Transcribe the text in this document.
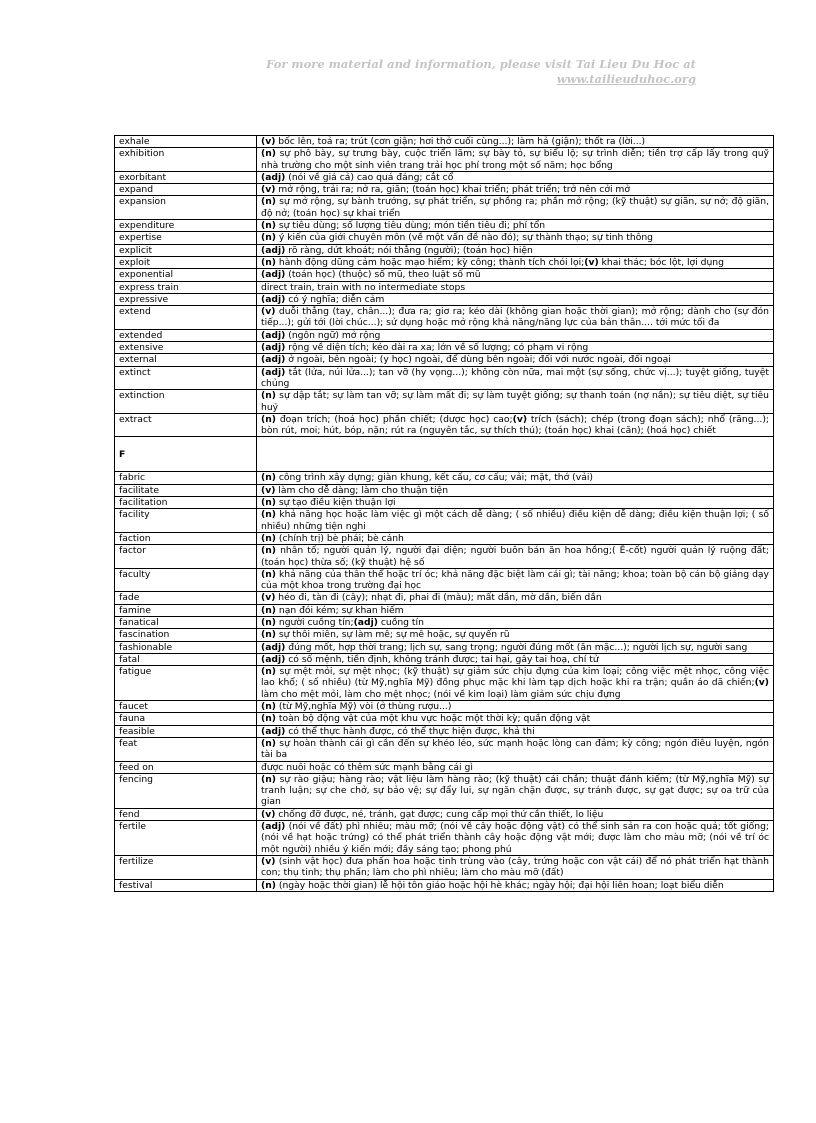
For more material and information, please visit Tai Lieu Du Hoc at

www.tailieuduhoc.org
exhale	(v) bốc lên, toả ra; trút (cơn giận; hơi thở cuối cùng...); làm hả (giận); thốt ra (lời...)
exhibition	(n) sự phô bày, sự trưng bày, cuộc triển lãm; sự bày tỏ, sự biểu lộ; sự trình diễn; tiền trợ cấp lấy trong quỹ nhà trường cho một sinh viên trang trải học phí trong một số năm; học bổng
exorbitant	(adj) (nói về giá cả) cao quá đáng; cắt cổ
expand	(v) mở rộng, trải ra; nở ra, giãn; (toán học) khai triển; phát triển; trở nên cởi mở
expansion	(n) sự mở rộng, sự bành trướng, sự phát triển, sự phồng ra; phần mở rộng; (kỹ thuật) sự giãn, sự nở; độ giãn, độ nở; (toán học) sự khai triển
expenditure	(n) sự tiêu dùng; số lượng tiêu dùng; món tiền tiêu đi; phí tổn
expertise	(n) ý kiến của giới chuyên môn (về một vấn đề nào đó); sự thành thạo; sự tinh thông
explicit	(adj) rõ ràng, dứt khoát; nói thẳng (người); (toán học) hiện
exploit	(n) hành động dũng cảm hoặc mạo hiểm; kỳ công; thành tích chói lọi;(v) khai thác; bóc lột, lợi dụng
exponential	(adj) (toán học) (thuộc) số mũ, theo luật số mũ
express train	direct train, train with no intermediate stops
expressive	(adj) có ý nghĩa; diễn cảm
extend	(v) duỗi thẳng (tay, chân...); đưa ra; giơ ra; kéo dài (không gian hoặc thời gian); mở rộng; dành cho (sự đón tiếp...); gửi tới (lời chúc...); sử dụng hoặc mở rộng khả năng/năng lực của bản thân.... tới mức tối đa
extended	(adj) (ngôn ngữ) mở rộng
extensive	(adj) rộng về diện tích; kéo dài ra xa; lớn về số lượng; có phạm vi rộng
external	(adj) ở ngoài, bên ngoài; (y học) ngoài, để dùng bên ngoài; đối với nước ngoài, đối ngoại
extinct	(adj) tắt (lửa, núi lửa...); tan vỡ (hy vọng...); không còn nữa, mai một (sự sống, chức vị...); tuyệt giống, tuyệt chủng
extinction	(n) sự dập tắt; sự làm tan vỡ; sự làm mất đi; sự làm tuyệt giống; sự thanh toán (nợ nần); sự tiêu diệt, sự tiêu huỷ
extract	(n) đoạn trích; (hoá học) phần chiết; (dược học) cao;(v) trích (sách); chép (trong đoạn sách); nhổ (răng...); bòn rút, moi; hút, bóp, nặn; rút ra (nguyên tắc, sự thích thú); (toán học) khai (căn); (hoá học) chiết
F	
fabric	(n) công trình xây dựng; giàn khung, kết cấu, cơ cấu; vải; mặt, thớ (vải)
facilitate	(v) làm cho dễ dàng; làm cho thuận tiện
facilitation	(n) sự tạo điều kiện thuận lợi
facility	(n) khả năng học hoặc làm việc gì một cách dễ dàng; ( số nhiều) điều kiện dễ dàng; điều kiện thuận lợi; ( số nhiều) những tiện nghi
faction	(n) (chính trị) bè phái; bè cánh
factor	(n) nhân tố; người quản lý, người đại diện; người buôn bán ăn hoa hồng;( Ê-cốt) người quản lý ruộng đất; (toán học) thừa số; (kỹ thuật) hệ số
faculty	(n) khả năng của thân thể hoặc trí óc; khả năng đặc biệt làm cái gì; tài năng; khoa; toàn bộ cán bộ giảng dạy của một khoa trong trường đại học
fade	(v) héo đi, tàn đi (cây); nhạt đi, phai đi (màu); mất dần, mờ dần, biến dần
famine	(n) nạn đói kém; sự khan hiếm
fanatical	(n) người cuồng tín;(adj) cuồng tín
fascination	(n) sự thôi miên, sự làm mê; sự mê hoặc, sự quyến rũ
fashionable	(adj) đúng mốt, hợp thời trang; lịch sự, sang trọng; người đúng mốt (ăn mặc...); người lịch sự, người sang
fatal	(adj) có số mệnh, tiền định, không tránh được; tai hại, gây tai hoạ, chí tử
fatigue	(n) sự mệt mỏi, sự mệt nhọc; (kỹ thuật) sự giảm sức chịu đựng của kim loại; công việc mệt nhọc, công việc lao khổ; ( số nhiều) (từ Mỹ,nghĩa Mỹ) đồng phục mặc khi làm tạp dịch hoặc khi ra trận; quần áo dã chiến;(v) làm cho mệt mỏi, làm cho mệt nhọc; (nói về kim loại) làm giảm sức chịu đựng
faucet	(n) (từ Mỹ,nghĩa Mỹ) vòi (ở thùng rượu...)
fauna	(n) toàn bộ động vật của một khu vực hoặc một thời kỳ; quần động vật
feasible	(adj) có thể thực hành được, có thể thực hiện được, khả thi
feat	(n) sự hoàn thành cái gì cần đến sự khéo léo, sức mạnh hoặc lòng can đảm; kỳ công; ngón điêu luyện, ngón tài ba
feed on	được nuôi hoặc có thêm sức mạnh bằng cái gì
fencing	(n) sự rào giậu; hàng rào; vật liệu làm hàng rào; (kỹ thuật) cái chắn; thuật đánh kiếm; (từ Mỹ,nghĩa Mỹ) sự tranh luận; sự che chở, sự bảo vệ; sự đẩy lui, sự ngăn chặn được, sự tránh được, sự gạt được; sự oa trữ của gian
fend	(v) chống đỡ được, né, tránh, gạt được; cung cấp mọi thứ cần thiết, lo liệu
fertile	(adj) (nói về đất) phì nhiêu; màu mỡ; (nói về cây hoặc động vật) có thể sinh sản ra con hoặc quả; tốt giống; (nói về hạt hoặc trứng) có thể phát triển thành cây hoặc động vật mới; được làm cho màu mỡ; (nói về trí óc một người) nhiều ý kiến mới; đầy sáng tạo; phong phú
fertilize	(v) (sinh vật học) đưa phấn hoa hoặc tinh trùng vào (cây, trứng hoặc con vật cái) để nó phát triển hạt thành con; thụ tinh; thụ phấn; làm cho phì nhiêu; làm cho màu mỡ (đất)
festival	(n) (ngày hoặc thời gian) lễ hội tôn giáo hoặc hội hè khác; ngày hội; đại hội liên hoan; loạt biểu diễn
